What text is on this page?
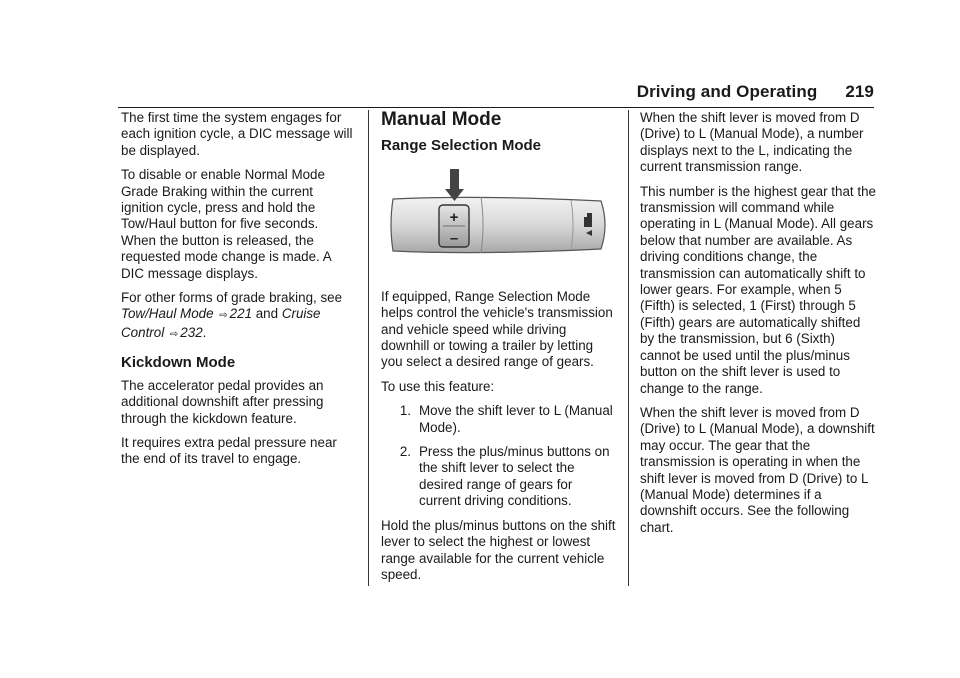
Driving and Operating 219

The first time the system engages for each ignition cycle, a DIC message will be displayed.

To disable or enable Normal Mode Grade Braking within the current ignition cycle, press and hold the Tow/Haul button for five seconds. When the button is released, the requested mode change is made. A DIC message displays.

For other forms of grade braking, see Tow/Haul Mode ⇨ 221 and Cruise Control ⇨ 232.

Kickdown Mode

The accelerator pedal provides an additional downshift after pressing through the kickdown feature.

It requires extra pedal pressure near the end of its travel to engage.

Manual Mode
Range Selection Mode
+
–

If equipped, Range Selection Mode helps control the vehicle's transmission and vehicle speed while driving downhill or towing a trailer by letting you select a desired range of gears.

To use this feature:

1. Move the shift lever to L (Manual Mode).
2. Press the plus/minus buttons on the shift lever to select the desired range of gears for current driving conditions.

Hold the plus/minus buttons on the shift lever to select the highest or lowest range available for the current vehicle speed.

When the shift lever is moved from D (Drive) to L (Manual Mode), a number displays next to the L, indicating the current transmission range.

This number is the highest gear that the transmission will command while operating in L (Manual Mode). All gears below that number are available. As driving conditions change, the transmission can automatically shift to lower gears. For example, when 5 (Fifth) is selected, 1 (First) through 5 (Fifth) gears are automatically shifted by the transmission, but 6 (Sixth) cannot be used until the plus/minus button on the shift lever is used to change to the range.

When the shift lever is moved from D (Drive) to L (Manual Mode), a downshift may occur. The gear that the transmission is operating in when the shift lever is moved from D (Drive) to L (Manual Mode) determines if a downshift occurs. See the following chart.
